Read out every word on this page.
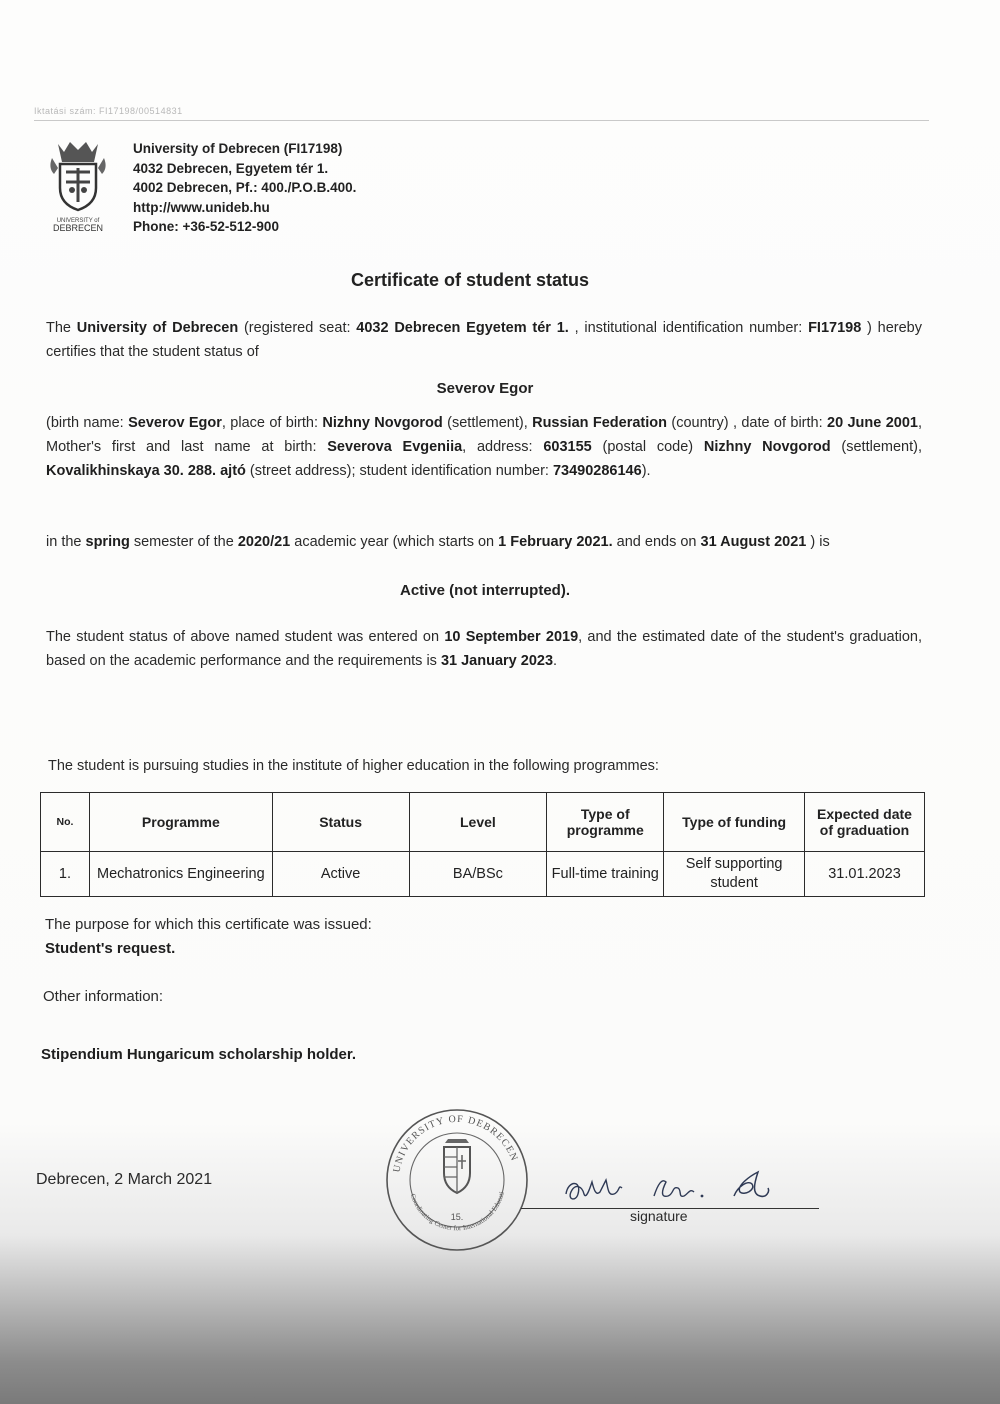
Iktatási szám: FI17198/00514831
UNIVERSITY of
DEBRECEN
University of Debrecen (FI17198)
4032 Debrecen, Egyetem tér 1.
4002 Debrecen, Pf.: 400./P.O.B.400.
http://www.unideb.hu
Phone: +36-52-512-900
Certificate of student status
The University of Debrecen (registered seat: 4032 Debrecen Egyetem tér 1. , institutional identification number: FI17198 ) hereby certifies that the student status of
Severov Egor
(birth name: Severov Egor, place of birth: Nizhny Novgorod (settlement), Russian Federation (country) , date of birth: 20 June 2001, Mother's first and last name at birth: Severova Evgeniia, address: 603155 (postal code) Nizhny Novgorod (settlement), Kovalikhinskaya 30. 288. ajtó (street address); student identification number: 73490286146).
in the spring semester of the 2020/21 academic year (which starts on 1 February 2021. and ends on 31 August 2021 ) is
Active (not interrupted).
The student status of above named student was entered on 10 September 2019, and the estimated date of the student's graduation, based on the academic performance and the requirements is 31 January 2023.
The student is pursuing studies in the institute of higher education in the following programmes:
No.	Programme	Status	Level	Type of programme	Type of funding	Expected date of graduation
1.	Mechatronics Engineering	Active	BA/BSc	Full-time training	Self supporting student	31.01.2023
The purpose for which this certificate was issued:
Student's request.
Other information:
Stipendium Hungaricum scholarship holder.
Debrecen, 2 March 2021
UNIVERSITY OF DEBRECEN
Coordinating Center for International Educati
15.	signature
